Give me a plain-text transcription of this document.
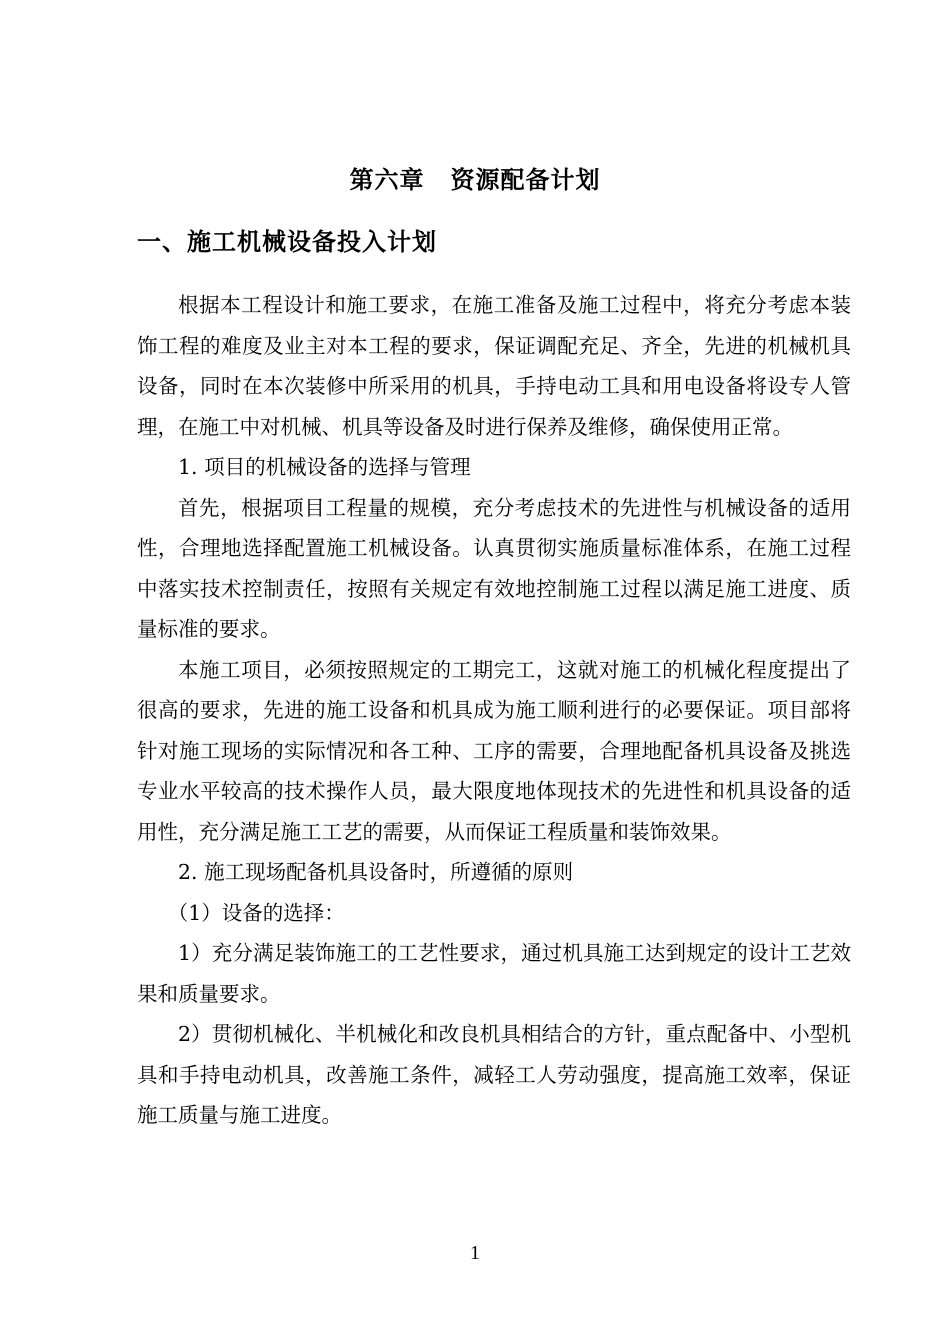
第六章 资源配备计划
一、施工机械设备投入计划

根据本工程设计和施工要求，在施工准备及施工过程中，将充分考虑本装饰工程的难度及业主对本工程的要求，保证调配充足、齐全，先进的机械机具设备，同时在本次装修中所采用的机具，手持电动工具和用电设备将设专人管理，在施工中对机械、机具等设备及时进行保养及维修，确保使用正常。

1. 项目的机械设备的选择与管理

首先，根据项目工程量的规模，充分考虑技术的先进性与机械设备的适用性，合理地选择配置施工机械设备。认真贯彻实施质量标准体系，在施工过程中落实技术控制责任，按照有关规定有效地控制施工过程以满足施工进度、质量标准的要求。

本施工项目，必须按照规定的工期完工，这就对施工的机械化程度提出了很高的要求，先进的施工设备和机具成为施工顺利进行的必要保证。项目部将针对施工现场的实际情况和各工种、工序的需要，合理地配备机具设备及挑选专业水平较高的技术操作人员，最大限度地体现技术的先进性和机具设备的适用性，充分满足施工工艺的需要，从而保证工程质量和装饰效果。

2. 施工现场配备机具设备时，所遵循的原则

（1）设备的选择：

1）充分满足装饰施工的工艺性要求，通过机具施工达到规定的设计工艺效果和质量要求。

2）贯彻机械化、半机械化和改良机具相结合的方针，重点配备中、小型机具和手持电动机具，改善施工条件，减轻工人劳动强度，提高施工效率，保证施工质量与施工进度。

1
